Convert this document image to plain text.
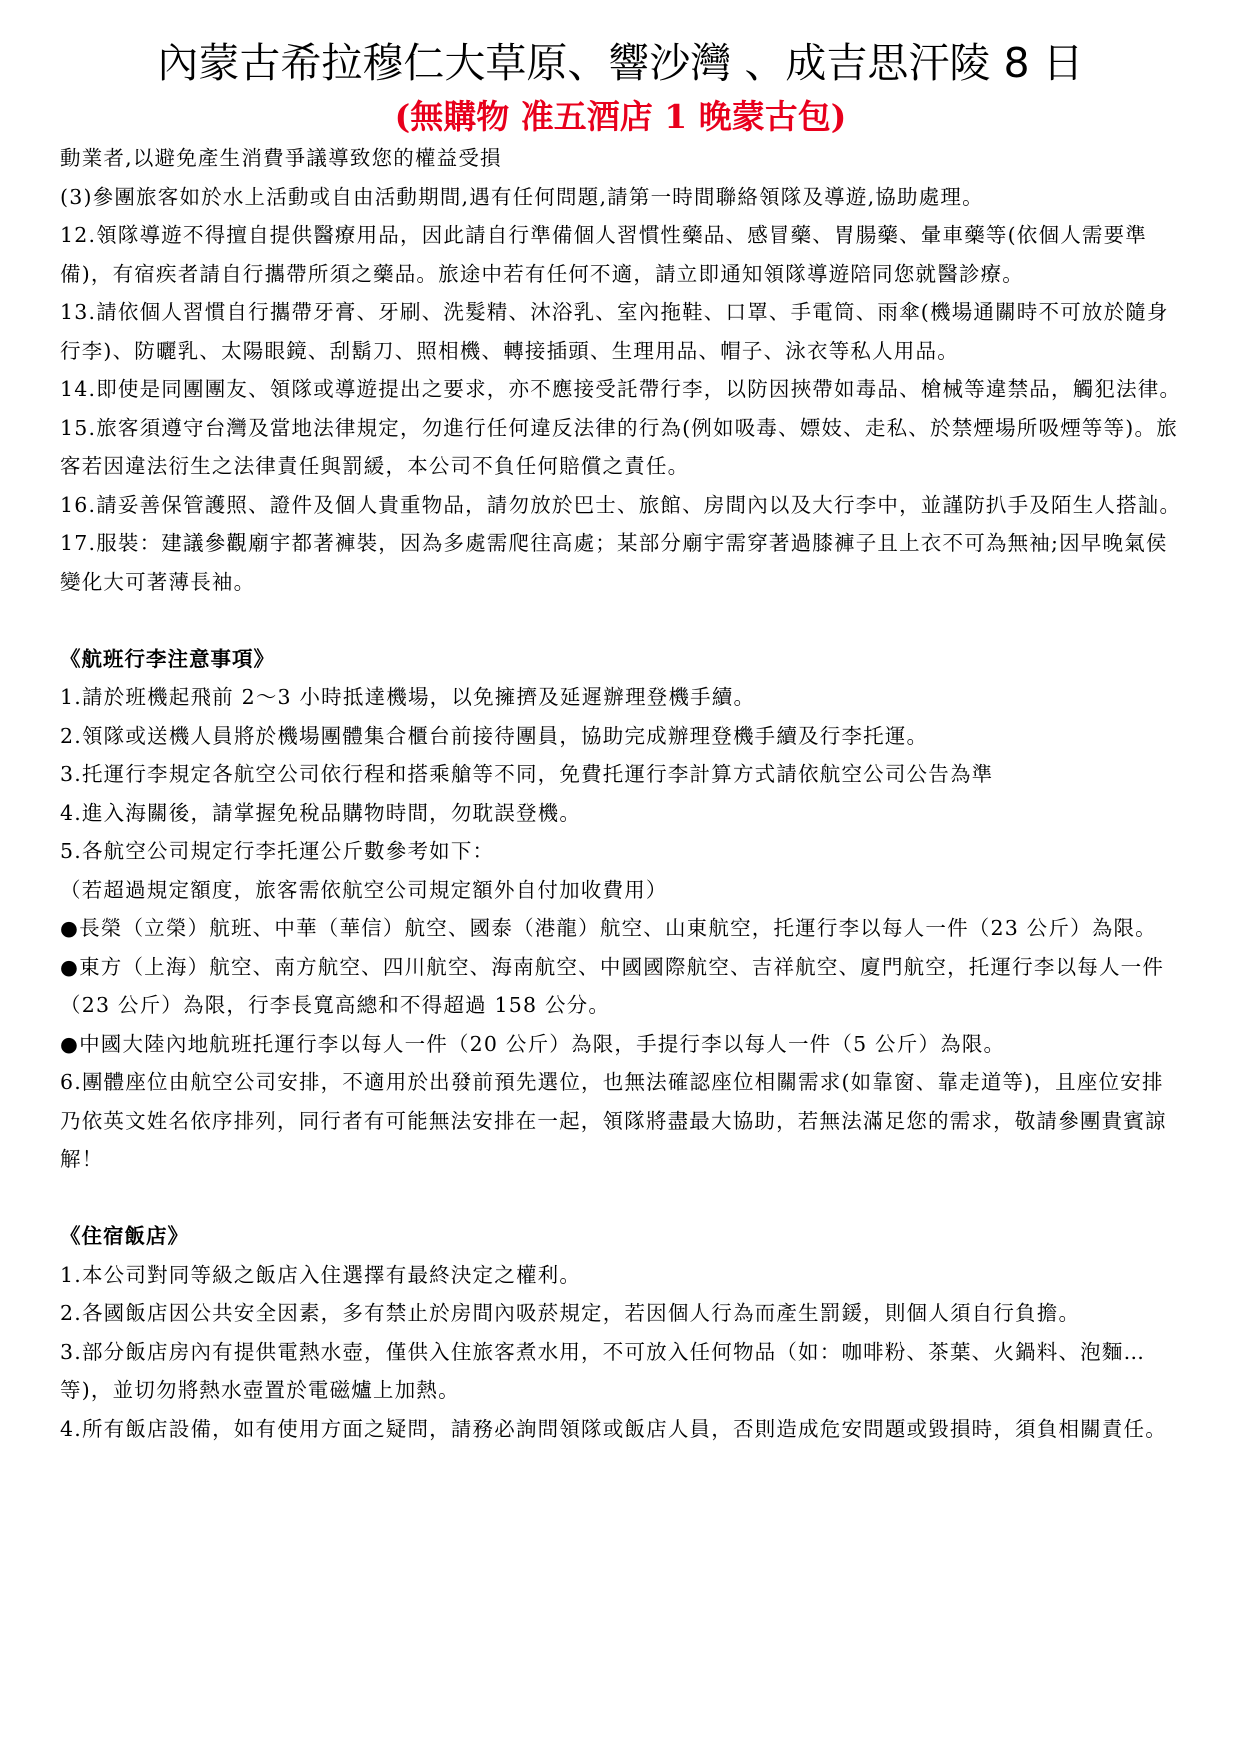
內蒙古希拉穆仁大草原、響沙灣 、成吉思汗陵 8 日
(無購物 准五酒店 1 晚蒙古包)

動業者,以避免產生消費爭議導致您的權益受損

(3)參團旅客如於水上活動或自由活動期間,遇有任何問題,請第一時間聯絡領隊及導遊,協助處理。

12.領隊導遊不得擅自提供醫療用品，因此請自行準備個人習慣性藥品、感冒藥、胃腸藥、暈車藥等(依個人需要準備)，有宿疾者請自行攜帶所須之藥品。旅途中若有任何不適，請立即通知領隊導遊陪同您就醫診療。

13.請依個人習慣自行攜帶牙膏、牙刷、洗髮精、沐浴乳、室內拖鞋、口罩、手電筒、雨傘(機場通關時不可放於隨身行李)、防曬乳、太陽眼鏡、刮鬍刀、照相機、轉接插頭、生理用品、帽子、泳衣等私人用品。

14.即使是同團團友、領隊或導遊提出之要求，亦不應接受託帶行李，以防因挾帶如毒品、槍械等違禁品，觸犯法律。

15.旅客須遵守台灣及當地法律規定，勿進行任何違反法律的行為(例如吸毒、嫖妓、走私、於禁煙場所吸煙等等)。旅客若因違法衍生之法律責任與罰緩，本公司不負任何賠償之責任。

16.請妥善保管護照、證件及個人貴重物品，請勿放於巴士、旅館、房間內以及大行李中，並謹防扒手及陌生人搭訕。

17.服裝：建議參觀廟宇都著褲裝，因為多處需爬往高處；某部分廟宇需穿著過膝褲子且上衣不可為無袖;因早晚氣侯變化大可著薄長袖。

《航班行李注意事項》

1.請於班機起飛前 2～3 小時抵達機場，以免擁擠及延遲辦理登機手續。

2.領隊或送機人員將於機場團體集合櫃台前接待團員，協助完成辦理登機手續及行李托運。

3.托運行李規定各航空公司依行程和搭乘艙等不同，免費托運行李計算方式請依航空公司公告為準

4.進入海關後，請掌握免稅品購物時間，勿耽誤登機。

5.各航空公司規定行李托運公斤數參考如下：

（若超過規定額度，旅客需依航空公司規定額外自付加收費用）

●長榮（立榮）航班、中華（華信）航空、國泰（港龍）航空、山東航空，托運行李以每人一件（23 公斤）為限。

●東方（上海）航空、南方航空、四川航空、海南航空、中國國際航空、吉祥航空、廈門航空，托運行李以每人一件（23 公斤）為限，行李長寬高總和不得超過 158 公分。

●中國大陸內地航班托運行李以每人一件（20 公斤）為限，手提行李以每人一件（5 公斤）為限。

6.團體座位由航空公司安排，不適用於出發前預先選位，也無法確認座位相關需求(如靠窗、靠走道等)，且座位安排乃依英文姓名依序排列，同行者有可能無法安排在一起，領隊將盡最大協助，若無法滿足您的需求，敬請參團貴賓諒解！

《住宿飯店》

1.本公司對同等級之飯店入住選擇有最終決定之權利。

2.各國飯店因公共安全因素，多有禁止於房間內吸菸規定，若因個人行為而產生罰鍰，則個人須自行負擔。

3.部分飯店房內有提供電熱水壺，僅供入住旅客煮水用，不可放入任何物品（如：咖啡粉、茶葉、火鍋料、泡麵…等)，並切勿將熱水壺置於電磁爐上加熱。

4.所有飯店設備，如有使用方面之疑問，請務必詢問領隊或飯店人員，否則造成危安問題或毀損時，須負相關責任。
